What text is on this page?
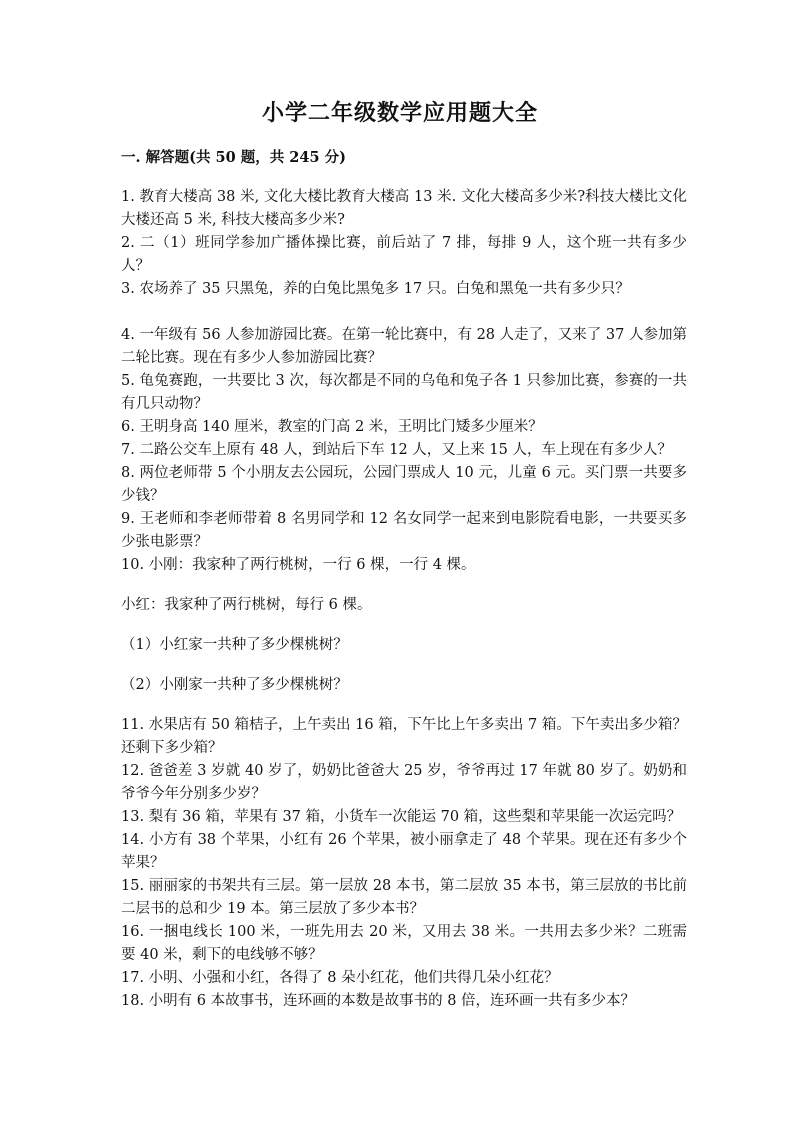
小学二年级数学应用题大全
一. 解答题(共 50 题，共 245 分)

1. 教育大楼高 38 米, 文化大楼比教育大楼高 13 米. 文化大楼高多少米?科技大楼比文化大楼还高 5 米, 科技大楼高多少米?

2. 二（1）班同学参加广播体操比赛，前后站了 7 排，每排 9 人，这个班一共有多少人？

3. 农场养了 35 只黑兔，养的白兔比黑兔多 17 只。白兔和黑兔一共有多少只？

4. 一年级有 56 人参加游园比赛。在第一轮比赛中，有 28 人走了，又来了 37 人参加第二轮比赛。现在有多少人参加游园比赛？

5. 龟兔赛跑，一共要比 3 次，每次都是不同的乌龟和兔子各 1 只参加比赛，参赛的一共有几只动物？

6. 王明身高 140 厘米，教室的门高 2 米，王明比门矮多少厘米？

7. 二路公交车上原有 48 人，到站后下车 12 人，又上来 15 人，车上现在有多少人？

8. 两位老师带 5 个小朋友去公园玩，公园门票成人 10 元，儿童 6 元。买门票一共要多少钱？

9. 王老师和李老师带着 8 名男同学和 12 名女同学一起来到电影院看电影，一共要买多少张电影票？

10. 小刚：我家种了两行桃树，一行 6 棵，一行 4 棵。

小红：我家种了两行桃树，每行 6 棵。

（1）小红家一共种了多少棵桃树？

（2）小刚家一共种了多少棵桃树？

11. 水果店有 50 箱桔子，上午卖出 16 箱，下午比上午多卖出 7 箱。下午卖出多少箱？还剩下多少箱？

12. 爸爸差 3 岁就 40 岁了，奶奶比爸爸大 25 岁，爷爷再过 17 年就 80 岁了。奶奶和爷爷今年分别多少岁？

13. 梨有 36 箱，苹果有 37 箱，小货车一次能运 70 箱，这些梨和苹果能一次运完吗？

14. 小方有 38 个苹果，小红有 26 个苹果，被小丽拿走了 48 个苹果。现在还有多少个苹果？

15. 丽丽家的书架共有三层。第一层放 28 本书，第二层放 35 本书，第三层放的书比前二层书的总和少 19 本。第三层放了多少本书？

16. 一捆电线长 100 米，一班先用去 20 米，又用去 38 米。一共用去多少米？二班需要 40 米，剩下的电线够不够？

17. 小明、小强和小红，各得了 8 朵小红花，他们共得几朵小红花？

18. 小明有 6 本故事书，连环画的本数是故事书的 8 倍，连环画一共有多少本？
